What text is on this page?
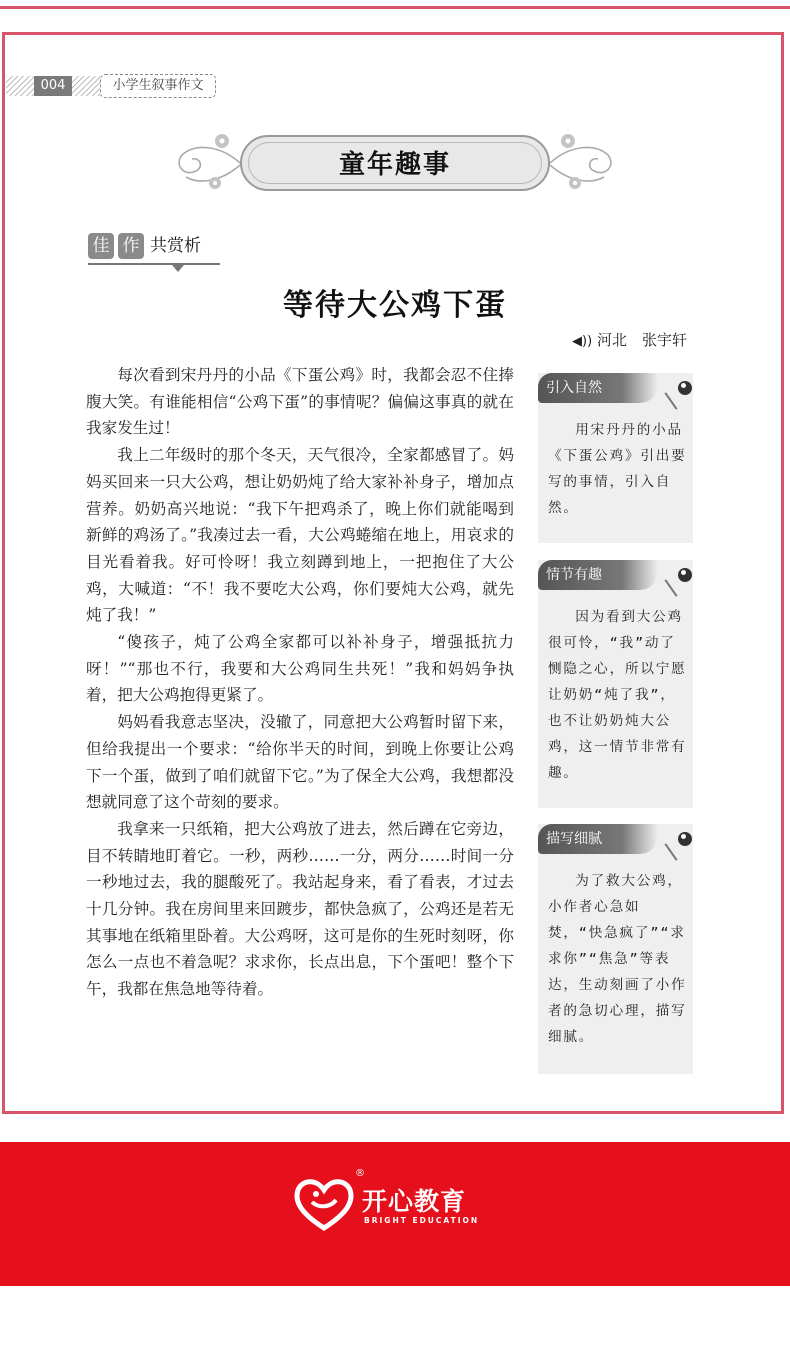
004	小学生叙事作文
童年趣事
佳 作 共赏析
等待大公鸡下蛋
◀)) 河北　张宇轩

每次看到宋丹丹的小品《下蛋公鸡》时，我都会忍不住捧腹大笑。有谁能相信“公鸡下蛋”的事情呢？偏偏这事真的就在我家发生过！

我上二年级时的那个冬天，天气很冷，全家都感冒了。妈妈买回来一只大公鸡，想让奶奶炖了给大家补补身子，增加点营养。奶奶高兴地说：“我下午把鸡杀了，晚上你们就能喝到新鲜的鸡汤了。”我凑过去一看，大公鸡蜷缩在地上，用哀求的目光看着我。好可怜呀！我立刻蹲到地上，一把抱住了大公鸡，大喊道：“不！我不要吃大公鸡，你们要炖大公鸡，就先炖了我！”

“傻孩子，炖了公鸡全家都可以补补身子，增强抵抗力呀！”“那也不行，我要和大公鸡同生共死！”我和妈妈争执着，把大公鸡抱得更紧了。

妈妈看我意志坚决，没辙了，同意把大公鸡暂时留下来，但给我提出一个要求：“给你半天的时间，到晚上你要让公鸡下一个蛋，做到了咱们就留下它。”为了保全大公鸡，我想都没想就同意了这个苛刻的要求。

我拿来一只纸箱，把大公鸡放了进去，然后蹲在它旁边，目不转睛地盯着它。一秒，两秒……一分，两分……时间一分一秒地过去，我的腿酸死了。我站起身来，看了看表，才过去十几分钟。我在房间里来回踱步，都快急疯了，公鸡还是若无其事地在纸箱里卧着。大公鸡呀，这可是你的生死时刻呀，你怎么一点也不着急呢？求求你，长点出息，下个蛋吧！整个下午，我都在焦急地等待着。

引入自然

用宋丹丹的小品《下蛋公鸡》引出要写的事情，引入自然。

情节有趣

因为看到大公鸡很可怜，“我”动了恻隐之心，所以宁愿让奶奶“炖了我”，也不让奶奶炖大公鸡，这一情节非常有趣。

描写细腻

为了救大公鸡，小作者心急如焚，“快急疯了”“求求你”“焦急”等表达，生动刻画了小作者的急切心理，描写细腻。

®
开心教育
BRIGHT EDUCATION
